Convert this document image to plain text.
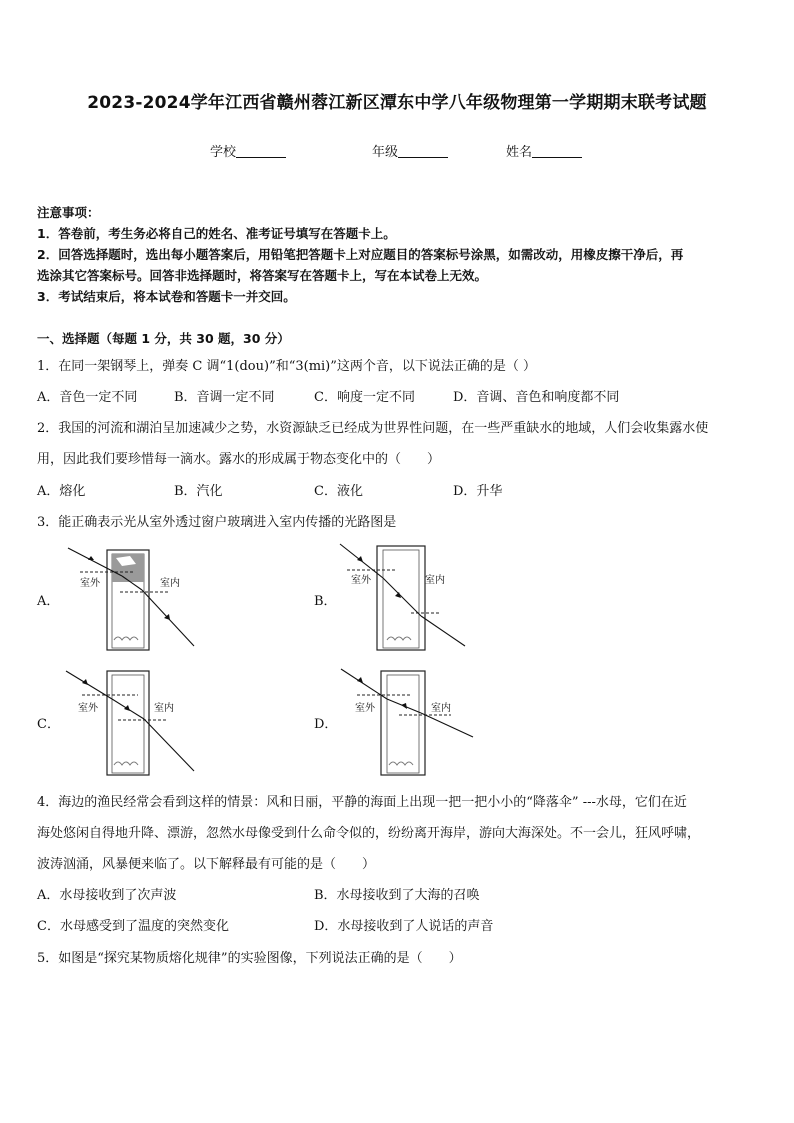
2023-2024学年江西省赣州蓉江新区潭东中学八年级物理第一学期期末联考试题
学校	年级	姓名
注意事项：
1．答卷前，考生务必将自己的姓名、准考证号填写在答题卡上。
2．回答选择题时，选出每小题答案后，用铅笔把答题卡上对应题目的答案标号涂黑，如需改动，用橡皮擦干净后，再
选涂其它答案标号。回答非选择题时，将答案写在答题卡上，写在本试卷上无效。
3．考试结束后，将本试卷和答题卡一并交回。
一、选择题（每题 1 分，共 30 题，30 分）
1．在同一架钢琴上，弹奏 C 调“1(dou)”和“3(mi)”这两个音，以下说法正确的是（ ）
A．音色一定不同	B．音调一定不同	C．响度一定不同	D．音调、音色和响度都不同
2．我国的河流和湖泊呈加速减少之势，水资源缺乏已经成为世界性问题，在一些严重缺水的地域，人们会收集露水使
用，因此我们要珍惜每一滴水。露水的形成属于物态变化中的（　　）
A．熔化	B．汽化	C．液化	D．升华
3．能正确表示光从室外透过窗户玻璃进入室内传播的光路图是
A．	B．
C．	D．
室外	室内	室外	室内
室外	室内	室外	室内
4．海边的渔民经常会看到这样的情景：风和日丽，平静的海面上出现一把一把小小的“降落伞” ---水母，它们在近
海处悠闲自得地升降、漂游，忽然水母像受到什么命令似的，纷纷离开海岸，游向大海深处。不一会儿，狂风呼啸，
波涛汹涌，风暴便来临了。以下解释最有可能的是（　　）
A．水母接收到了次声波	B．水母接收到了大海的召唤
C．水母感受到了温度的突然变化	D．水母接收到了人说话的声音
5．如图是“探究某物质熔化规律”的实验图像，下列说法正确的是（　　）
